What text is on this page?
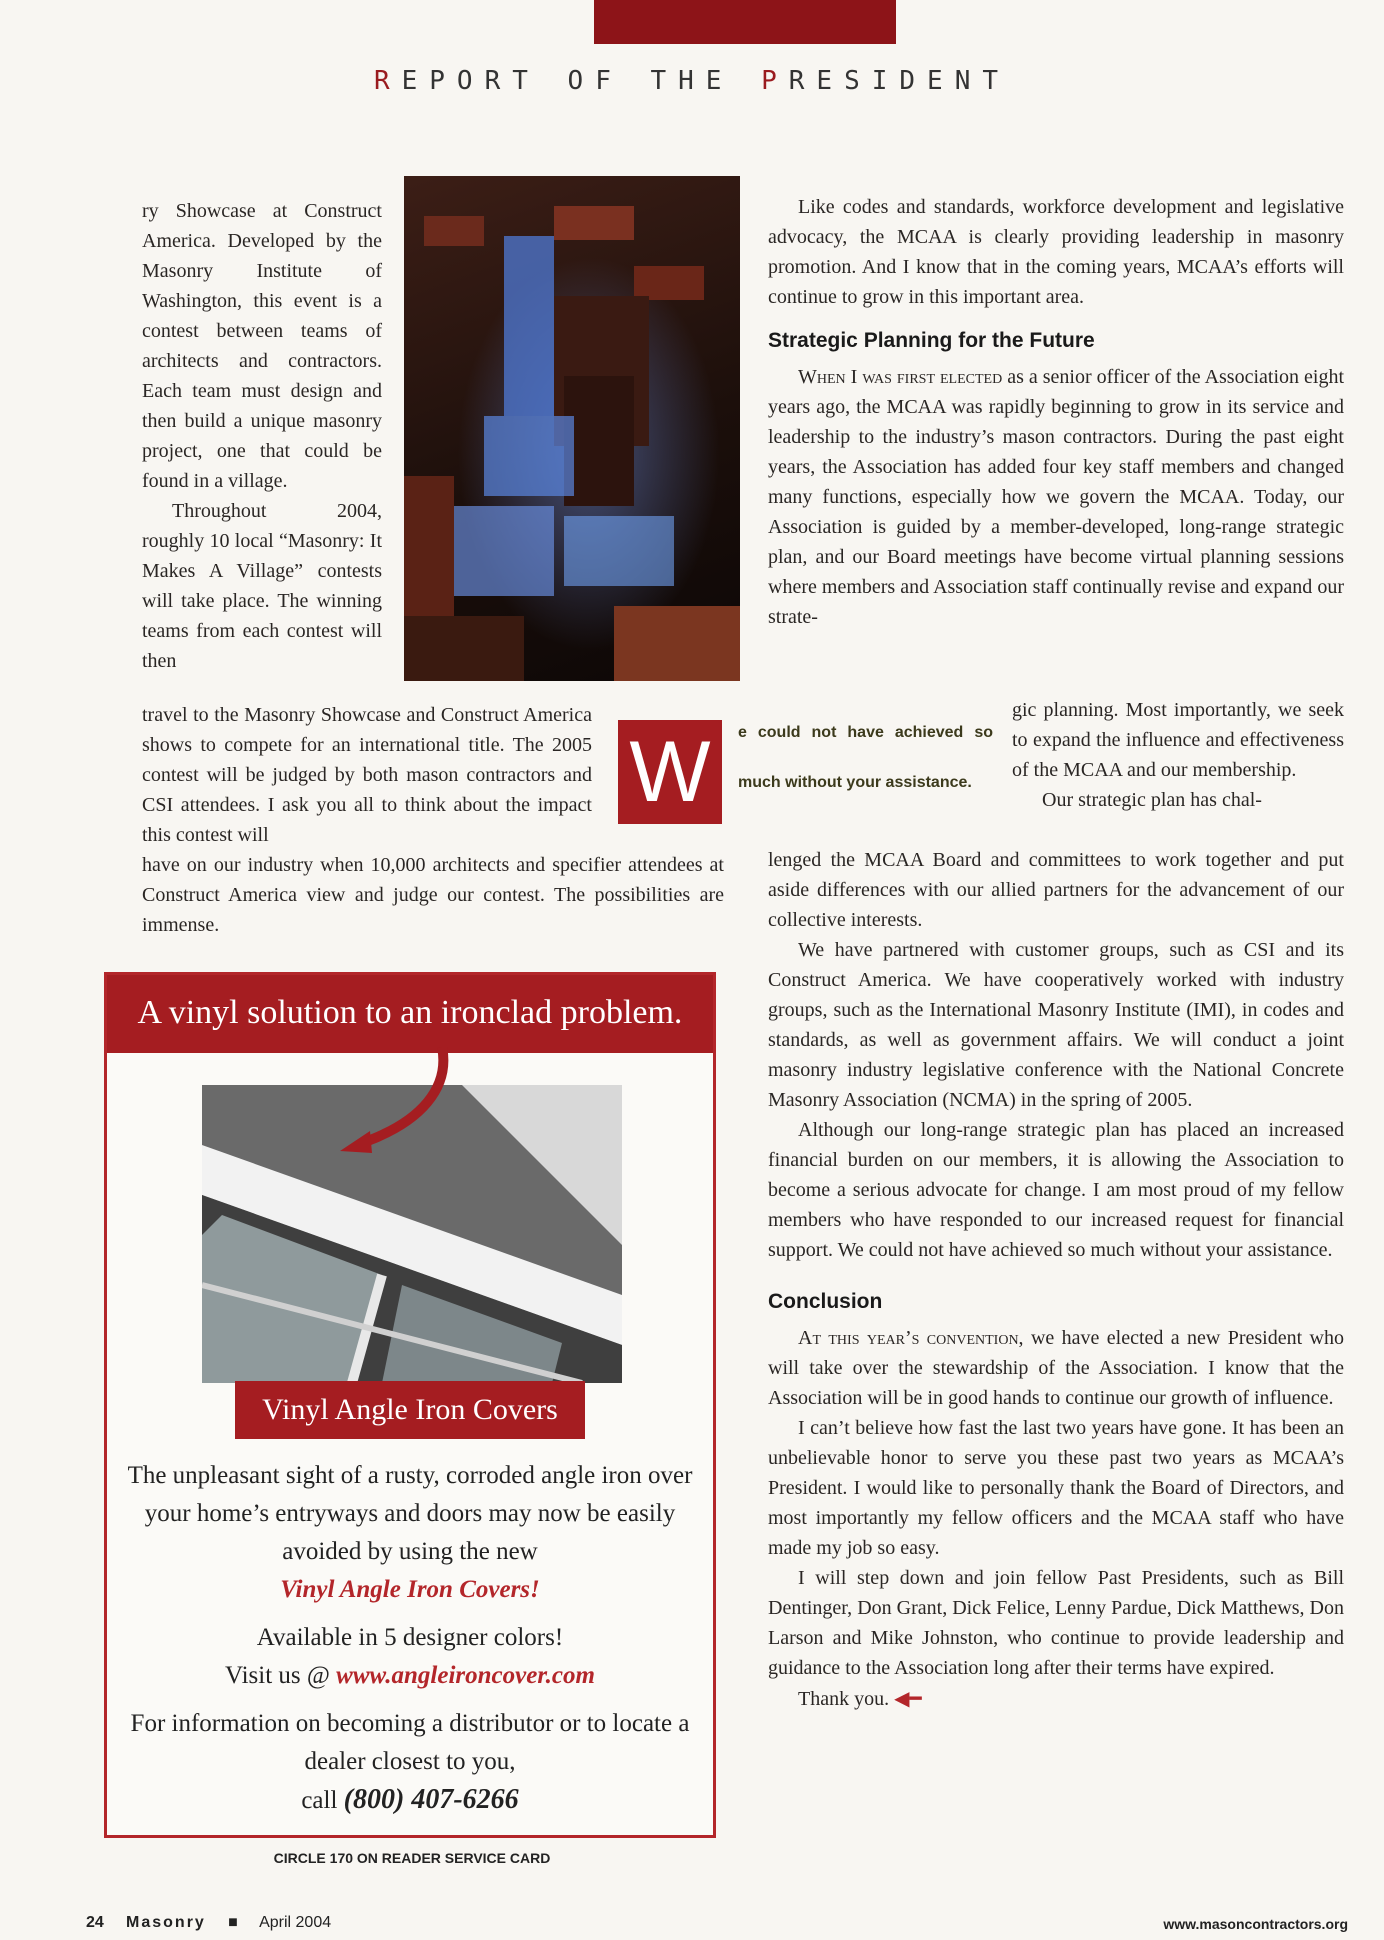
REPORT OF THE PRESIDENT

ry Showcase at Construct America. Developed by the Masonry Institute of Washington, this event is a contest between teams of architects and contractors. Each team must design and then build a unique masonry project, one that could be found in a village.

Throughout 2004, roughly 10 local “Masonry: It Makes A Village” contests will take place. The winning teams from each contest will then

travel to the Masonry Showcase and Construct America shows to compete for an international title. The 2005 contest will be judged by both mason contractors and CSI attendees. I ask you all to think about the impact this contest will

W	e could not have achieved so much without your assistance.

have on our industry when 10,000 architects and specifier attendees at Construct America view and judge our contest. The possibilities are immense.

Like codes and standards, workforce development and legislative advocacy, the MCAA is clearly providing leadership in masonry promotion. And I know that in the coming years, MCAA’s efforts will continue to grow in this important area.

Strategic Planning for the Future

When I was first elected as a senior officer of the Association eight years ago, the MCAA was rapidly beginning to grow in its service and leadership to the industry’s mason contractors. During the past eight years, the Association has added four key staff members and changed many functions, especially how we govern the MCAA. Today, our Association is guided by a member-developed, long-range strategic plan, and our Board meetings have become virtual planning sessions where members and Association staff continually revise and expand our strate-

gic planning. Most importantly, we seek to expand the influence and effectiveness of the MCAA and our membership.

Our strategic plan has chal-

lenged the MCAA Board and committees to work together and put aside differences with our allied partners for the advancement of our collective interests.

We have partnered with customer groups, such as CSI and its Construct America. We have cooperatively worked with industry groups, such as the International Masonry Institute (IMI), in codes and standards, as well as government affairs. We will conduct a joint masonry industry legislative conference with the National Concrete Masonry Association (NCMA) in the spring of 2005.

Although our long-range strategic plan has placed an increased financial burden on our members, it is allowing the Association to become a serious advocate for change. I am most proud of my fellow members who have responded to our increased request for financial support. We could not have achieved so much without your assistance.

Conclusion

At this year’s convention, we have elected a new President who will take over the stewardship of the Association. I know that the Association will be in good hands to continue our growth of influence.

I can’t believe how fast the last two years have gone. It has been an unbelievable honor to serve you these past two years as MCAA’s President. I would like to personally thank the Board of Directors, and most importantly my fellow officers and the MCAA staff who have made my job so easy.

I will step down and join fellow Past Presidents, such as Bill Dentinger, Don Grant, Dick Felice, Lenny Pardue, Dick Matthews, Don Larson and Mike Johnston, who continue to provide leadership and guidance to the Association long after their terms have expired.

Thank you. ◀━

A vinyl solution to an ironclad problem.
Vinyl Angle Iron Covers
The unpleasant sight of a rusty, corroded angle iron over your home’s entryways and doors may now be easily avoided by using the new
Vinyl Angle Iron Covers!
Available in 5 designer colors!
Visit us @ www.angleironcover.com
For information on becoming a distributor or to locate a dealer closest to you,
call (800) 407-6266
CIRCLE 170 ON READER SERVICE CARD
24 Masonry ■ April 2004	www.masoncontractors.org
